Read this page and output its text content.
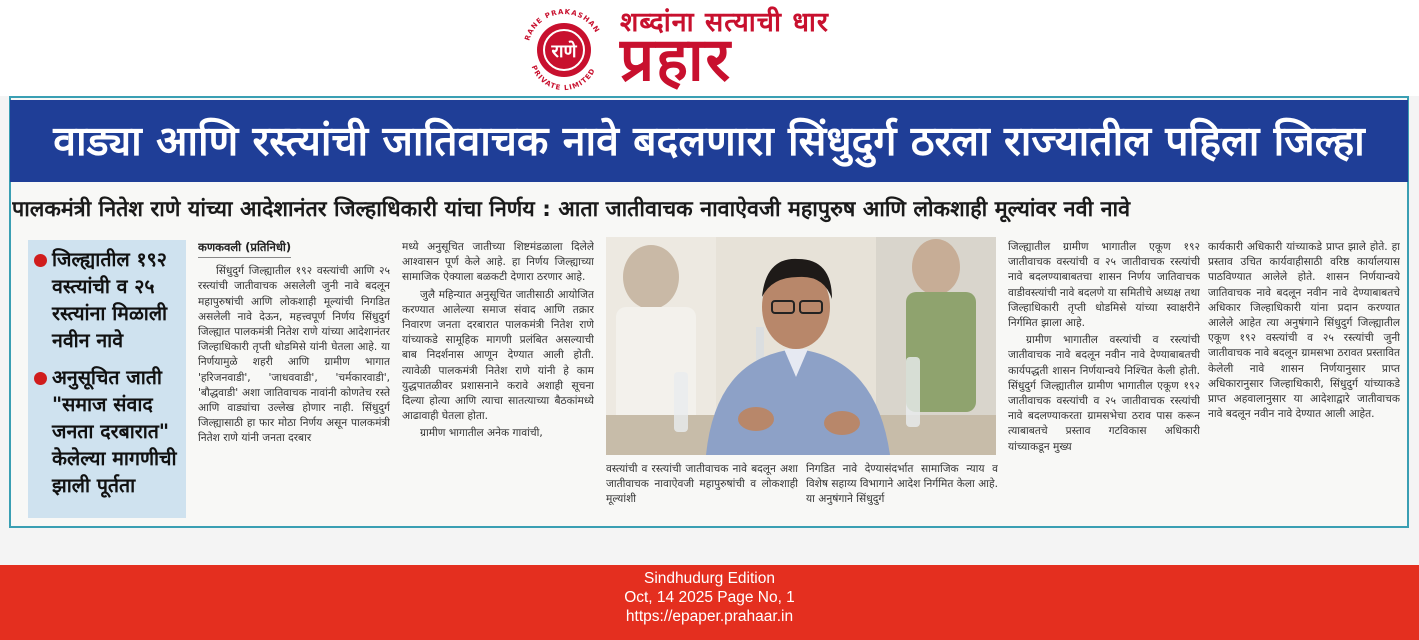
RANE PRAKASHAN
PRIVATE LIMITED
राणे
शब्दांना सत्याची धार
प्रहार
वाड्या आणि रस्त्यांची जातिवाचक नावे बदलणारा सिंधुदुर्ग ठरला राज्यातील पहिला जिल्हा
पालकमंत्री नितेश राणे यांच्या आदेशानंतर जिल्हाधिकारी यांचा निर्णय : आता जातीवाचक नावाऐवजी महापुरुष आणि लोकशाही मूल्यांवर नवी नावे
जिल्ह्यातील १९२ वस्त्यांची व २५ रस्त्यांना मिळाली नवीन नावे
अनुसूचित जाती "समाज संवाद जनता दरबारात" केलेल्या मागणीची झाली पूर्तता
कणकवली (प्रतिनिधी)

सिंधुदुर्ग जिल्ह्यातील १९२ वस्त्यांची आणि २५ रस्त्यांची जातीवाचक असलेली जुनी नावे बदलून महापुरुषांची आणि लोकशाही मूल्यांची निगडित असलेली नावे देऊन, महत्त्वपूर्ण निर्णय सिंधुदुर्ग जिल्ह्यात पालकमंत्री नितेश राणे यांच्या आदेशानंतर जिल्हाधिकारी तृप्ती धोडमिसे यांनी घेतला आहे. या निर्णयामुळे शहरी आणि ग्रामीण भागात 'हरिजनवाडी', 'जाधववाडी', 'चर्मकारवाडी', 'बौद्धवाडी' अशा जातिवाचक नावांनी कोणतेच रस्ते आणि वाड्यांचा उल्लेख होणार नाही. सिंधुदुर्ग जिल्ह्यासाठी हा फार मोठा निर्णय असून पालकमंत्री नितेश राणे यांनी जनता दरबार

मध्ये अनुसूचित जातीच्या शिष्टमंडळाला दिलेले आश्वासन पूर्ण केले आहे. हा निर्णय जिल्ह्याच्या सामाजिक ऐक्याला बळकटी देणारा ठरणार आहे.

जुलै महिन्यात अनुसूचित जातीसाठी आयोजित करण्यात आलेल्या समाज संवाद आणि तक्रार निवारण जनता दरबारात पालकमंत्री नितेश राणे यांच्याकडे सामूहिक मागणी प्रलंबित असल्याची बाब निदर्शनास आणून देण्यात आली होती. त्यावेळी पालकमंत्री नितेश राणे यांनी हे काम युद्धपातळीवर प्रशासनाने करावे अशाही सूचना दिल्या होत्या आणि त्याचा सातत्याच्या बैठकांमध्ये आढावाही घेतला होता.

ग्रामीण भागातील अनेक गावांची,

वस्त्यांची व रस्त्यांची जातीवाचक नावे बदलून अशा जातीवाचक नावाऐवजी महापुरुषांची व लोकशाही मूल्यांशी

निगडित नावे देण्यासंदर्भात सामाजिक न्याय व विशेष सहाय्य विभागाने आदेश निर्गमित केला आहे. या अनुषंगाने सिंधुदुर्ग

जिल्ह्यातील ग्रामीण भागातील एकूण १९२ जातीवाचक वस्त्यांची व २५ जातीवाचक रस्त्यांची नावे बदलण्याबाबतचा शासन निर्णय जातिवाचक वाडीवस्त्यांची नावे बदलणे या समितीचे अध्यक्ष तथा जिल्हाधिकारी तृप्ती धोडमिसे यांच्या स्वाक्षरीने निर्गमित झाला आहे.

ग्रामीण भागातील वस्त्यांची व रस्त्यांची जातीवाचक नावे बदलून नवीन नावे देण्याबाबतची कार्यपद्धती शासन निर्णयान्वये निश्चित केली होती. सिंधुदुर्ग जिल्ह्यातील ग्रामीण भागातील एकूण १९२ जातीवाचक वस्त्यांची व २५ जातीवाचक रस्त्यांची नावे बदलण्याकरता ग्रामसभेचा ठराव पास करून त्याबाबतचे प्रस्ताव गटविकास अधिकारी यांच्याकडून मुख्य

कार्यकारी अधिकारी यांच्याकडे प्राप्त झाले होते. हा प्रस्ताव उचित कार्यवाहीसाठी वरिष्ठ कार्यालयास पाठविण्यात आलेले होते. शासन निर्णयान्वये जातिवाचक नावे बदलून नवीन नावे देण्याबाबतचे अधिकार जिल्हाधिकारी यांना प्रदान करण्यात आलेले आहेत त्या अनुषंगाने सिंधुदुर्ग जिल्ह्यातील एकूण १९२ वस्त्यांची व २५ रस्त्यांची जुनी जातीवाचक नावे बदलून ग्रामसभा ठरावत प्रस्तावित केलेली नावे शासन निर्णयानुसार प्राप्त अधिकारानुसार जिल्हाधिकारी, सिंधुदुर्ग यांच्याकडे प्राप्त अहवालानुसार या आदेशाद्वारे जातीवाचक नावे बदलून नवीन नावे देण्यात आली आहेत.

Sindhudurg Edition
Oct, 14 2025 Page No, 1
https://epaper.prahaar.in
